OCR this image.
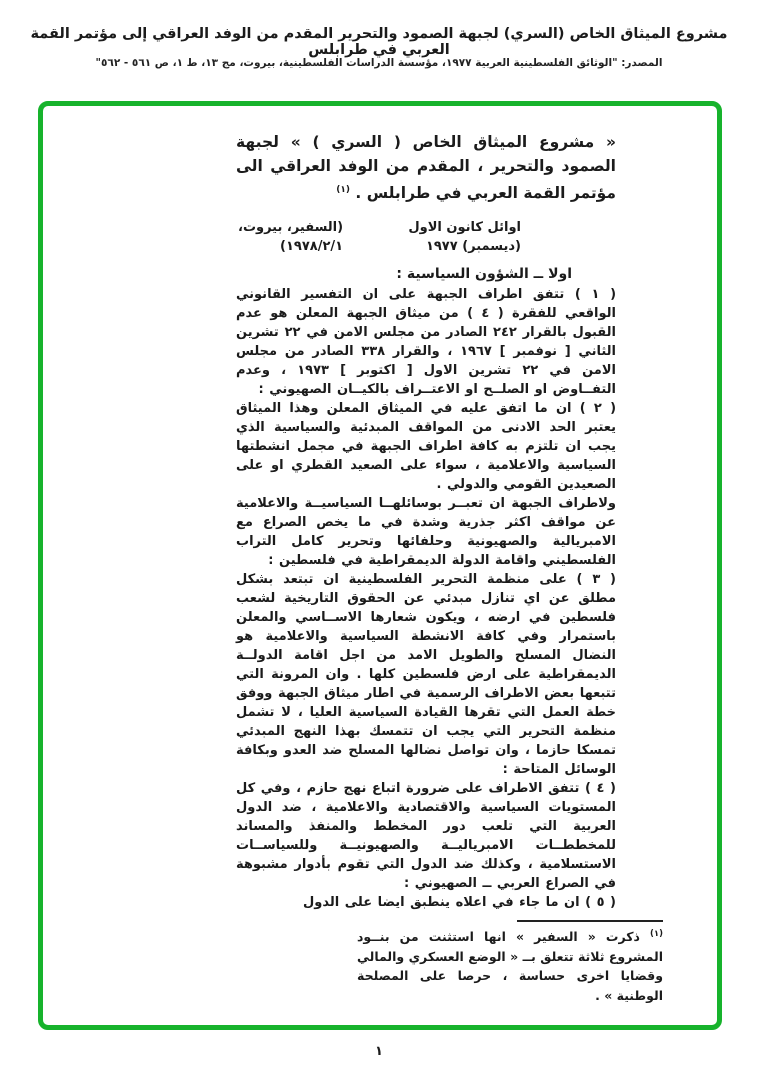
مشروع الميثاق الخاص (السري) لجبهة الصمود والتحرير المقدم من الوفد العراقي إلى مؤتمر القمة العربي في طرابلس
المصدر: "الوثائق الفلسطينية العربية ١٩٧٧، مؤسسة الدراسات الفلسطينية، بيروت، مج ١٣، ط ١، ص ٥٦١ - ٥٦٢"
« مشروع الميثاق الخاص ( السري ) » لجبهة الصمود والتحرير ، المقدم من الوفد العراقي الى مؤتمر القمة العربي في طرابلس . $^{(١)}$
اوائل كانون الاول
(ديسمبر) ١٩٧٧
(السفير، بيروت،
١٩٧٨/٢/١)
اولا ــ الشؤون السياسية :
( ١ ) تتفق اطراف الجبهة على ان التفسير القانوني الواقعي للفقرة ( ٤ ) من ميثاق الجبهة المعلن هو عدم القبول بالقرار ٢٤٢ الصادر من مجلس الامن في ٢٢ تشرين الثاني [ نوفمبر ] ١٩٦٧ ، والقرار ٣٣٨ الصادر من مجلس الامن في ٢٢ تشرين الاول [ اكتوبر ] ١٩٧٣ ، وعدم التفــاوض او الصلــح او الاعتــراف بالكيــان الصهيوني :
( ٢ ) ان ما اتفق عليه في الميثاق المعلن وهذا الميثاق يعتبر الحد الادنى من المواقف المبدئية والسياسية الذي يجب ان تلتزم به كافة اطراف الجبهة في مجمل انشطتها السياسية والاعلامية ، سواء على الصعيد القطري او على الصعيدين القومي والدولي .
ولاطراف الجبهة ان تعبــر بوسائلهــا السياسيــة والاعلامية عن مواقف اكثر جذرية وشدة في ما يخص الصراع مع الامبريالية والصهيونية وحلفائها وتحرير كامل التراب الفلسطيني واقامة الدولة الديمقراطية في فلسطين :
( ٣ ) على منظمة التحرير الفلسطينية ان تبتعد بشكل مطلق عن اي تنازل مبدئي عن الحقوق التاريخية لشعب فلسطين في ارضه ، ويكون شعارها الاســاسي والمعلن باستمرار وفي كافة الانشطة السياسية والاعلامية هو النضال المسلح والطويل الامد من اجل اقامة الدولــة الديمقراطية على ارض فلسطين كلها . وان المرونة التي تتبعها بعض الاطراف الرسمية في اطار ميثاق الجبهة ووفق خطة العمل التي تقرها القيادة السياسية العليا ، لا تشمل منظمة التحرير التي يجب ان تتمسك بهذا النهج المبدئي تمسكا حازما ، وان تواصل نضالها المسلح ضد العدو وبكافة الوسائل المتاحة :
( ٤ ) تتفق الاطراف على ضرورة اتباع نهج حازم ، وفي كل المستويات السياسية والاقتصادية والاعلامية ، ضد الدول العربية التي تلعب دور المخطط والمنفذ والمساند للمخططــات الامبرياليــة والصهيونيــة وللسياســات الاستسلامية ، وكذلك ضد الدول التي تقوم بأدوار مشبوهة في الصراع العربي ــ الصهيوني :
( ٥ ) ان ما جاء في اعلاه ينطبق ايضا على الدول
$^{(١)}$ ذكرت « السفير » انها استثنت من بنــود المشروع ثلاثة تتعلق بــ « الوضع العسكري والمالي وقضايا اخرى حساسة ، حرصا على المصلحة الوطنية » .
١
